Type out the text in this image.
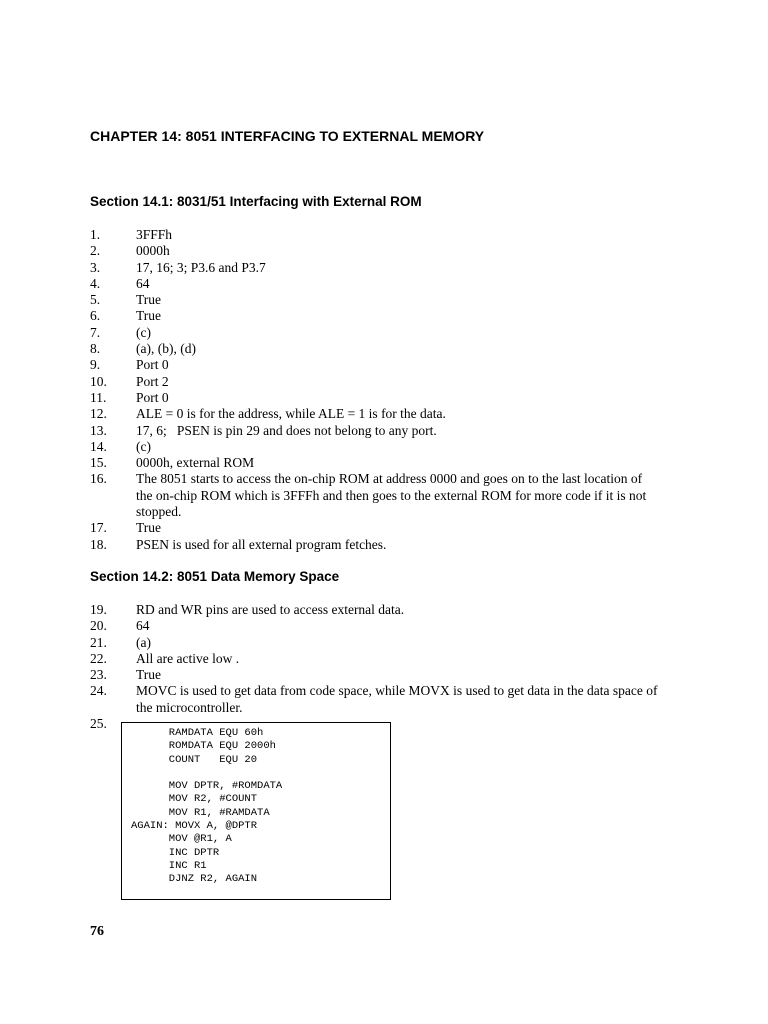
CHAPTER 14: 8051 INTERFACING TO EXTERNAL MEMORY
Section 14.1: 8031/51 Interfacing with External ROM
1.	3FFFh
2.	0000h
3.	17, 16; 3; P3.6 and P3.7
4.	64
5.	True
6.	True
7.	(c)
8.	(a), (b), (d)
9.	Port 0
10.	Port 2
11.	Port 0
12.	ALE = 0 is for the address, while ALE = 1 is for the data.
13.	17, 6;   PSEN is pin 29 and does not belong to any port.
14.	(c)
15.	0000h, external ROM
16.	The 8051 starts to access the on-chip ROM at address 0000 and goes on to the last location of the on-chip ROM which is 3FFFh and then goes to the external ROM for more code if it is not stopped.
17.	True
18.	PSEN is used for all external program fetches.
Section 14.2: 8051 Data Memory Space
19.	RD and WR pins are used to access external data.
20.	64
21.	(a)
22.	All are active low .
23.	True
24.	MOVC is used to get data from code space, while MOVX is used to get data in the data space of the microcontroller.
25.
RAMDATA EQU 60h
ROMDATA EQU 2000h
COUNT   EQU 20

MOV DPTR, #ROMDATA
MOV R2, #COUNT
MOV R1, #RAMDATA
AGAIN: MOVX A, @DPTR
MOV @R1, A
INC DPTR
INC R1
DJNZ R2, AGAIN
76
